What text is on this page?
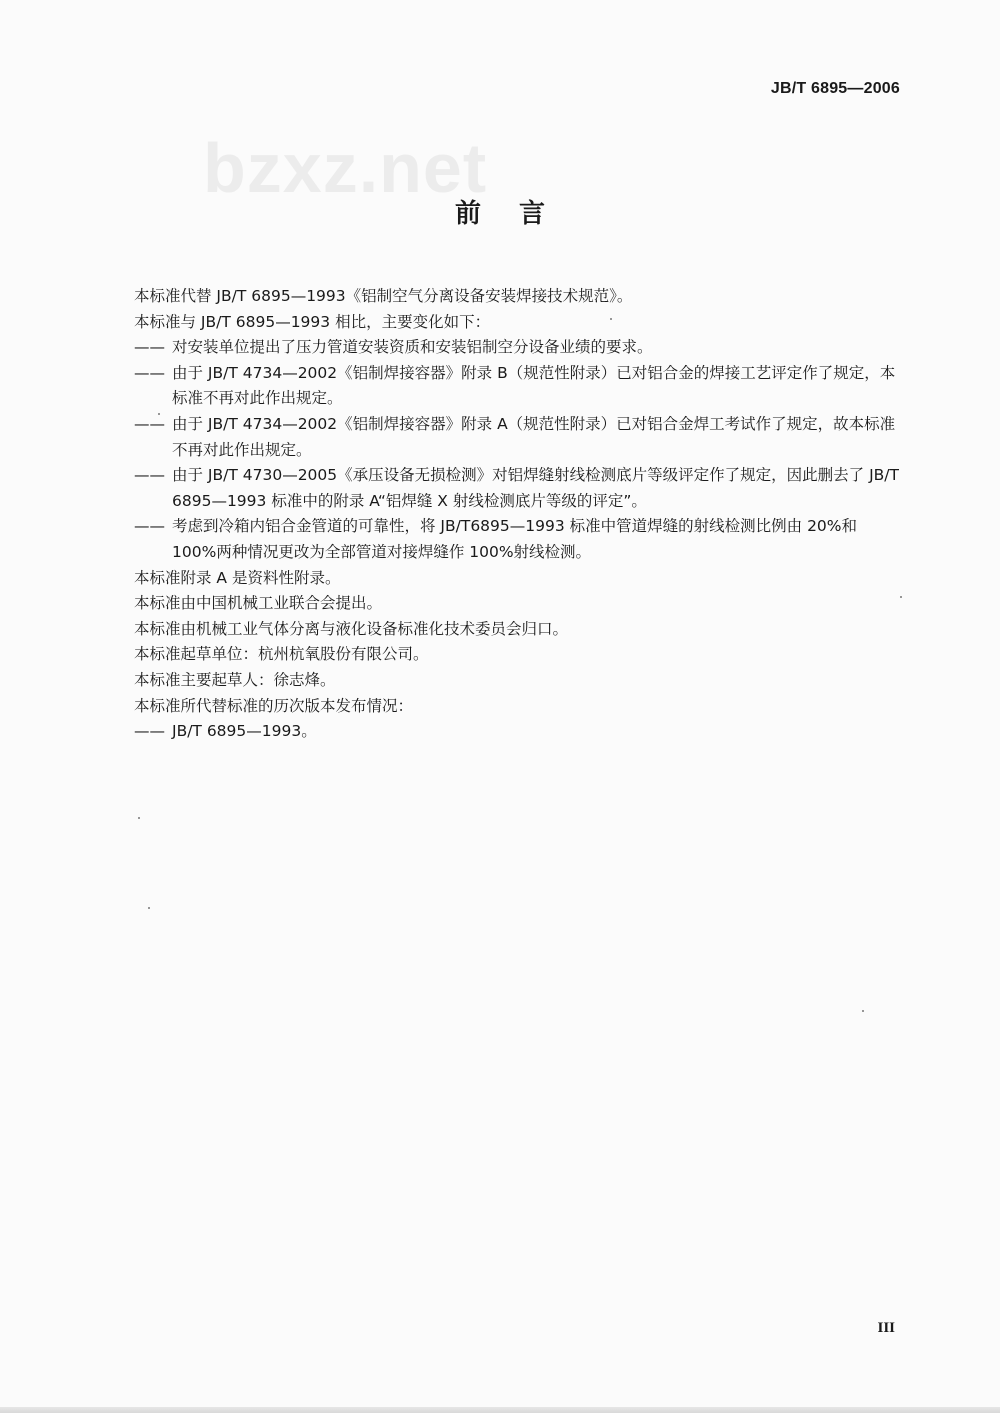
JB/T 6895—2006
bzxz.net
前 言

本标准代替 JB/T 6895—1993《铝制空气分离设备安装焊接技术规范》。

本标准与 JB/T 6895—1993 相比，主要变化如下：

—— 对安装单位提出了压力管道安装资质和安装铝制空分设备业绩的要求。

—— 由于 JB/T 4734—2002《铝制焊接容器》附录 B（规范性附录）已对铝合金的焊接工艺评定作了规定，本标准不再对此作出规定。

—— 由于 JB/T 4734—2002《铝制焊接容器》附录 A（规范性附录）已对铝合金焊工考试作了规定，故本标准不再对此作出规定。

—— 由于 JB/T 4730—2005《承压设备无损检测》对铝焊缝射线检测底片等级评定作了规定，因此删去了 JB/T 6895—1993 标准中的附录 A“铝焊缝 X 射线检测底片等级的评定”。

—— 考虑到冷箱内铝合金管道的可靠性，将 JB/T6895—1993 标准中管道焊缝的射线检测比例由 20%和 100%两种情况更改为全部管道对接焊缝作 100%射线检测。

本标准附录 A 是资料性附录。

本标准由中国机械工业联合会提出。

本标准由机械工业气体分离与液化设备标准化技术委员会归口。

本标准起草单位：杭州杭氧股份有限公司。

本标准主要起草人：徐志烽。

本标准所代替标准的历次版本发布情况：

—— JB/T 6895—1993。

III
